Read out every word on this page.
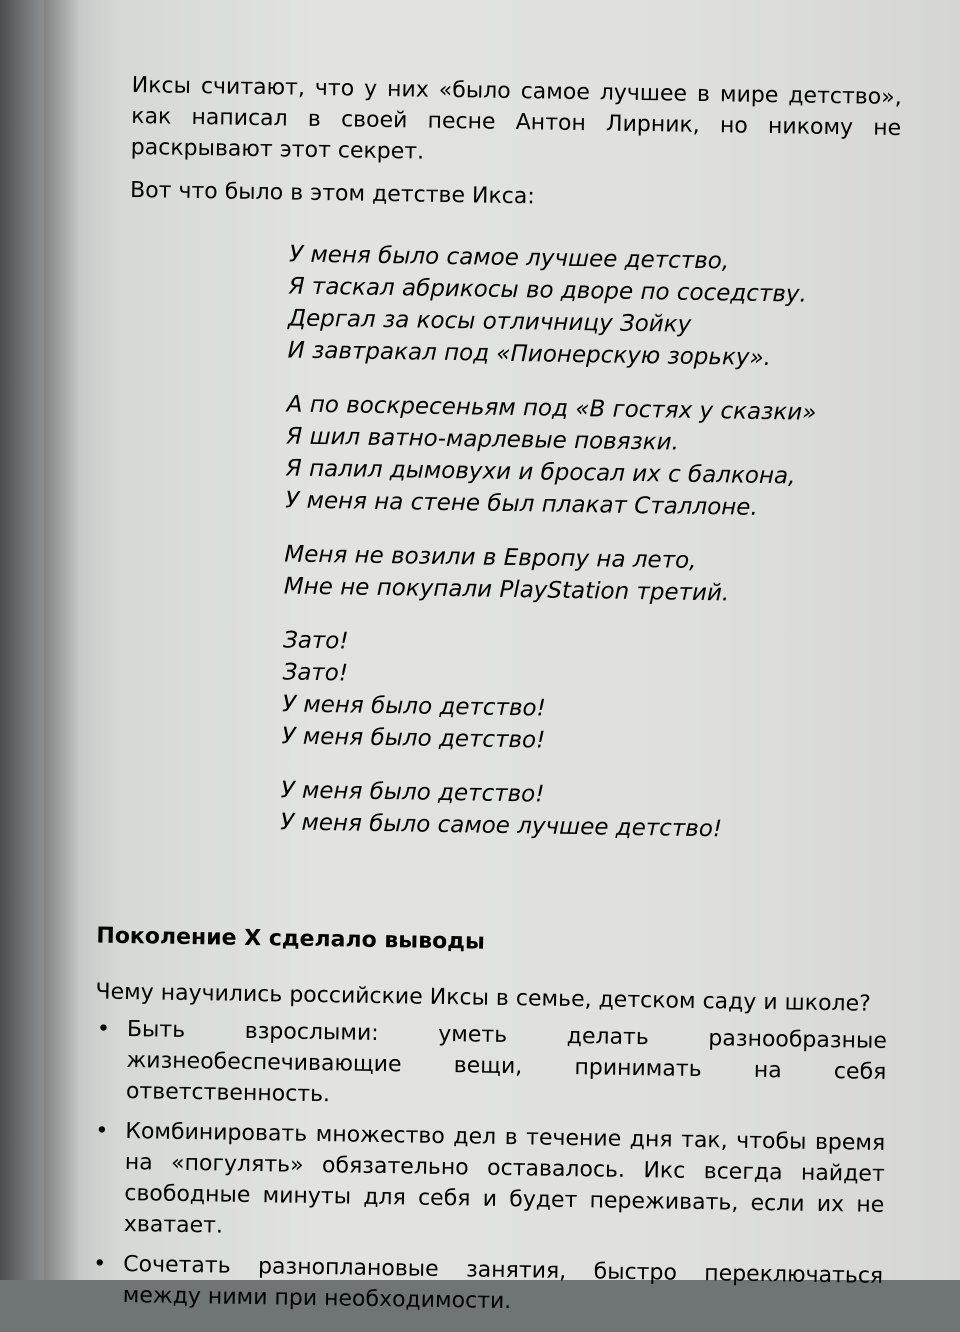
Иксы считают, что у них «было самое лучшее в мире детство», как написал в своей песне Антон Лирник, но никому не раскрывают этот секрет.

Вот что было в этом детстве Икса:

У меня было самое лучшее детство,
Я таскал абрикосы во дворе по соседству.
Дергал за косы отличницу Зойку
И завтракал под «Пионерскую зорьку».
А по воскресеньям под «В гостях у сказки»
Я шил ватно-марлевые повязки.
Я палил дымовухи и бросал их с балкона,
У меня на стене был плакат Сталлоне.
Меня не возили в Европу на лето,
Мне не покупали PlayStation третий.
Зато!
Зато!
У меня было детство!
У меня было детство!
У меня было детство!
У меня было самое лучшее детство!
Поколение X сделало выводы
Чему научились российские Иксы в семье, детском саду и школе?
• Быть взрослыми: уметь делать разнообразные жизнеобеспечивающие вещи, принимать на себя ответственность.
• Комбинировать множество дел в течение дня так, чтобы время на «погулять» обязательно оставалось. Икс всегда найдет свободные минуты для себя и будет переживать, если их не хватает.
• Сочетать разноплановые занятия, быстро переключаться между ними при необходимости.
